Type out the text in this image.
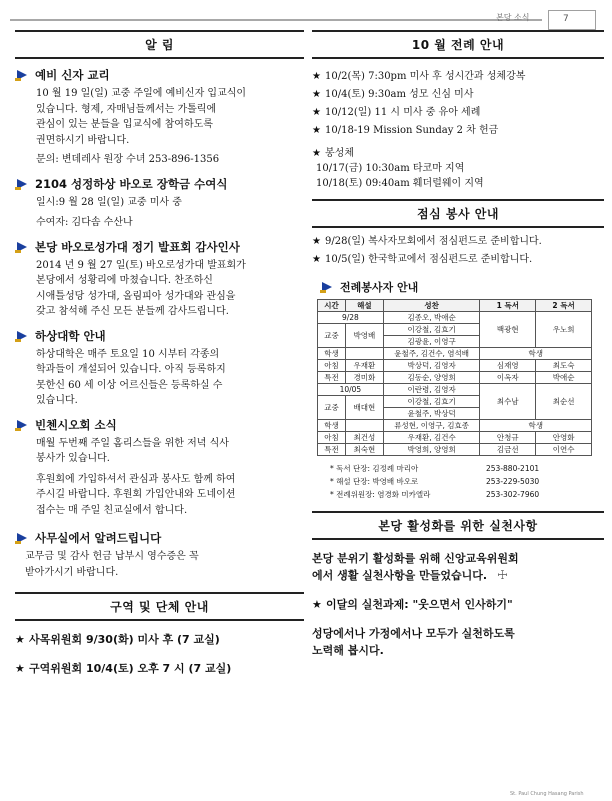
본당 소식	7
알 림
예비 신자 교리
10 월 19 일(일) 교중 주일에 예비신자 입교식이
있습니다. 형제, 자매님들께서는 가톨릭에
관심이 있는 분들을 입교식에 참여하도록
권면하시기 바랍니다.
문의: 변데레사 원장 수녀 253-896-1356
2104 성정하상 바오로 장학금 수여식
일시:9 월 28 일(일) 교중 미사 중
수여자: 김다솜 수산나
본당 바오로성가대 정기 발표회 감사인사
2014 년 9 월 27 일(토) 바오로성가대 발표회가
본당에서 성황리에 마쳤습니다. 찬조하신
시애틀성당 성가대, 올림피아 성가대와 관심을
갖고 참석해 주신 모든 분들께 감사드립니다.
하상대학 안내
하상대학은 매주 토요일 10 시부터 각종의
학과들이 개설되어 있습니다. 아직 등록하지
못한신 60 세 이상 어르신들은 등록하실 수
있습니다.
빈첸시오회 소식
매월 두번째 주일 홈리스들을 위한 저녁 식사
봉사가 있습니다.
후원회에 가입하셔서 관심과 봉사도 함께 하여
주시길 바랍니다. 후원회 가입안내와 도네이션
접수는 매 주일 친교실에서 합니다.
사무실에서 알려드립니다
교무금 및 감사 헌금 납부시 영수증은 꼭
받아가시기 바랍니다.
구역 및 단체 안내
★ 사목위원회 9/30(화) 미사 후 (7 교실)
★ 구역위원회 10/4(토) 오후 7 시 (7 교실)
10 월 전례 안내
★ 10/2(목) 7:30pm 미사 후 성시간과 성체강복
★ 10/4(토) 9:30am 성모 신심 미사
★ 10/12(일) 11 시 미사 중 유아 세례
★ 10/18-19 Mission Sunday 2 차 헌금
★ 봉성체
10/17(금) 10:30am 타코마 지역
10/18(토) 09:40am 훼더럴웨이 지역
점심 봉사 안내
★ 9/28(일) 복사자모회에서 점심펀드로 준비합니다.
★ 10/5(일) 한국학교에서 점심펀드로 준비합니다.
전례봉사자 안내
시간	해설	성찬	1 독서	2 독서
9/28		김종오, 박애순	백광현	우노희
교중	박영배	이강철, 김효기		
		김광윤, 이영구		
학생		윤철주, 김건수, 염석배	학생	
아침	우재환	박상덕, 김영자	심재영	최도숙
특전	경미화	김동순, 양영희	이옥자	박애순
10/05		이란령, 김영자	최수남	최순선
교중	배대현	이강철, 김효기		
		윤철주, 박상덕		
학생		류성현, 이영구, 김효종	학생	
아침	최건성	우재환, 김건수	안청규	안영화
특전	최숙현	박영희, 양영희	김금선	이연수
* 독서 단장: 김정례 마리아	253-880-2101
* 해설 단장: 박영배 바오로	253-229-5030
* 전례위원장: 염경화 미카엘라	253-302-7960
본당 활성화를 위한 실천사항
본당 분위기 활성화를 위해 신앙교육위원회
에서 생활 실천사항을 만들었습니다. ☩
★ 이달의 실천과제: "웃으면서 인사하기"
성당에서나 가정에서나 모두가 실천하도록
노력해 봅시다.
St. Paul Chung Hasang Parish
